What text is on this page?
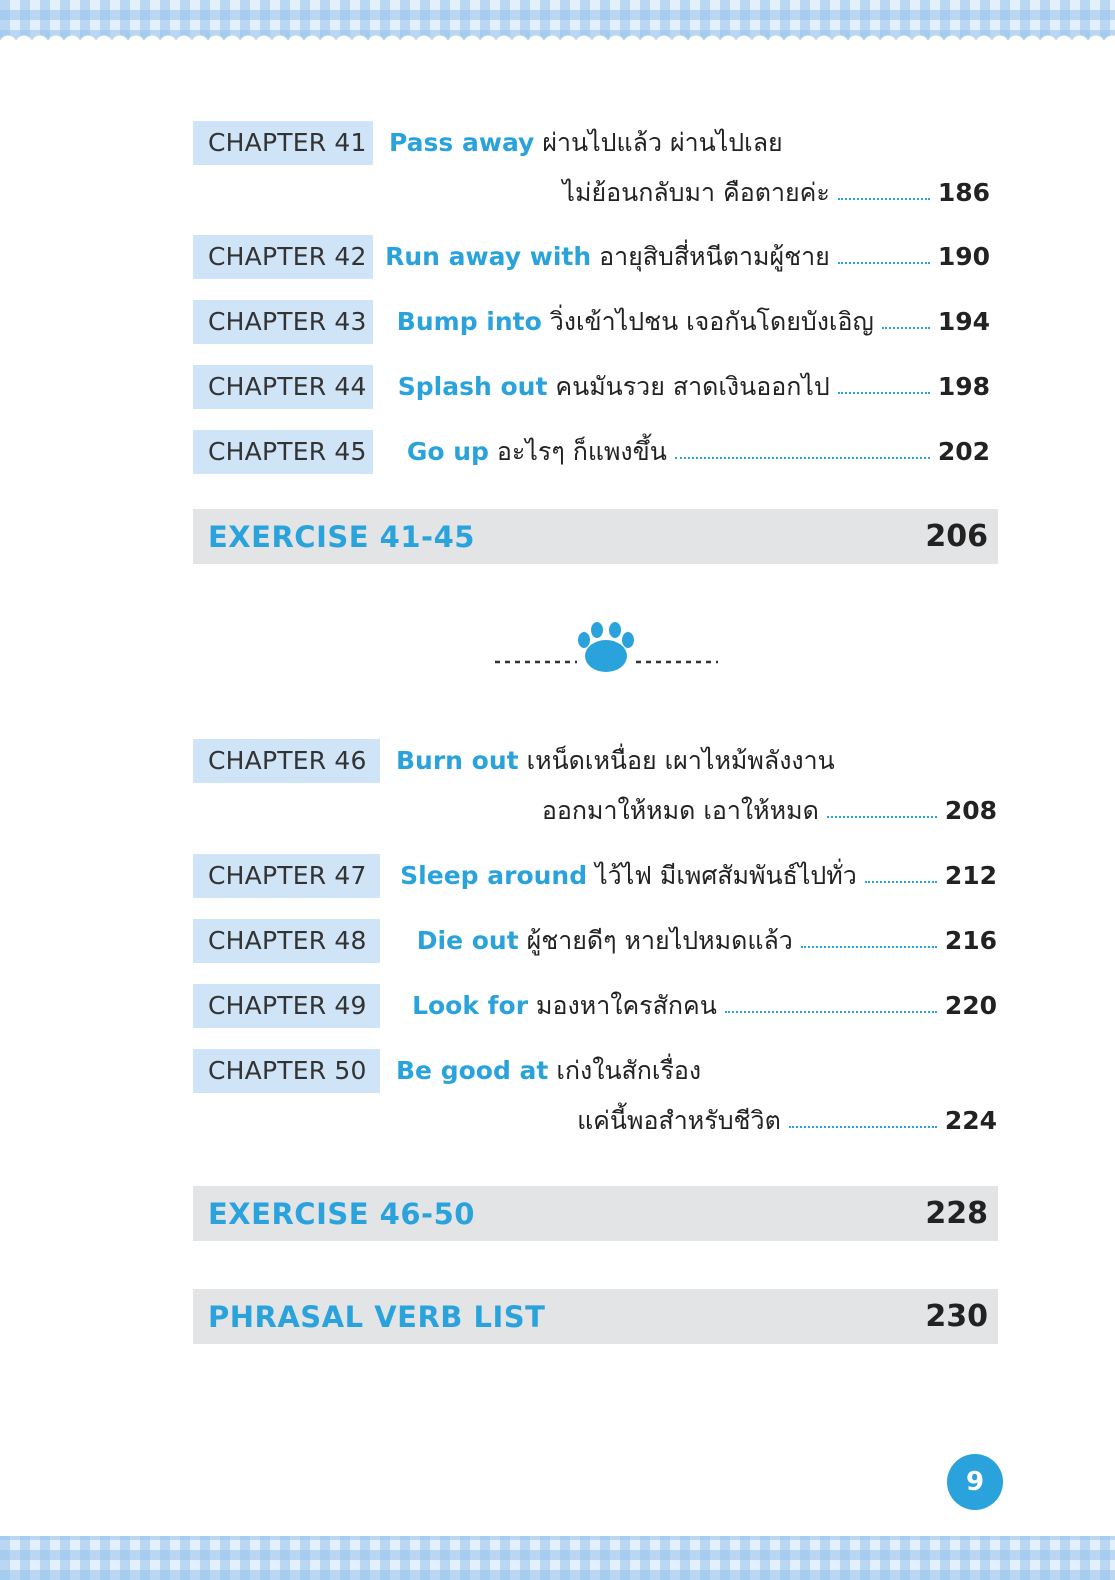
CHAPTER 41 Pass away ผ่านไปแล้ว ผ่านไปเลย
ไม่ย้อนกลับมา คือตายค่ะ	186
CHAPTER 42 Run away with อายุสิบสี่หนีตามผู้ชาย	190
CHAPTER 43 Bump into วิ่งเข้าไปชน เจอกันโดยบังเอิญ	194
CHAPTER 44 Splash out คนมันรวย สาดเงินออกไป	198
CHAPTER 45 Go up อะไรๆ ก็แพงขึ้น	202
EXERCISE 41-45	206
CHAPTER 46	Burn out เหน็ดเหนื่อย เผาไหม้พลังงาน
ออกมาให้หมด เอาให้หมด	208
CHAPTER 47	Sleep around ไว้ไฟ มีเพศสัมพันธ์ไปทั่ว	212
CHAPTER 48	Die out ผู้ชายดีๆ หายไปหมดแล้ว	216
CHAPTER 49	Look for มองหาใครสักคน	220
CHAPTER 50	Be good at เก่งในสักเรื่อง
แค่นี้พอสำหรับชีวิต	224
EXERCISE 46-50	228
PHRASAL VERB LIST	230
9
